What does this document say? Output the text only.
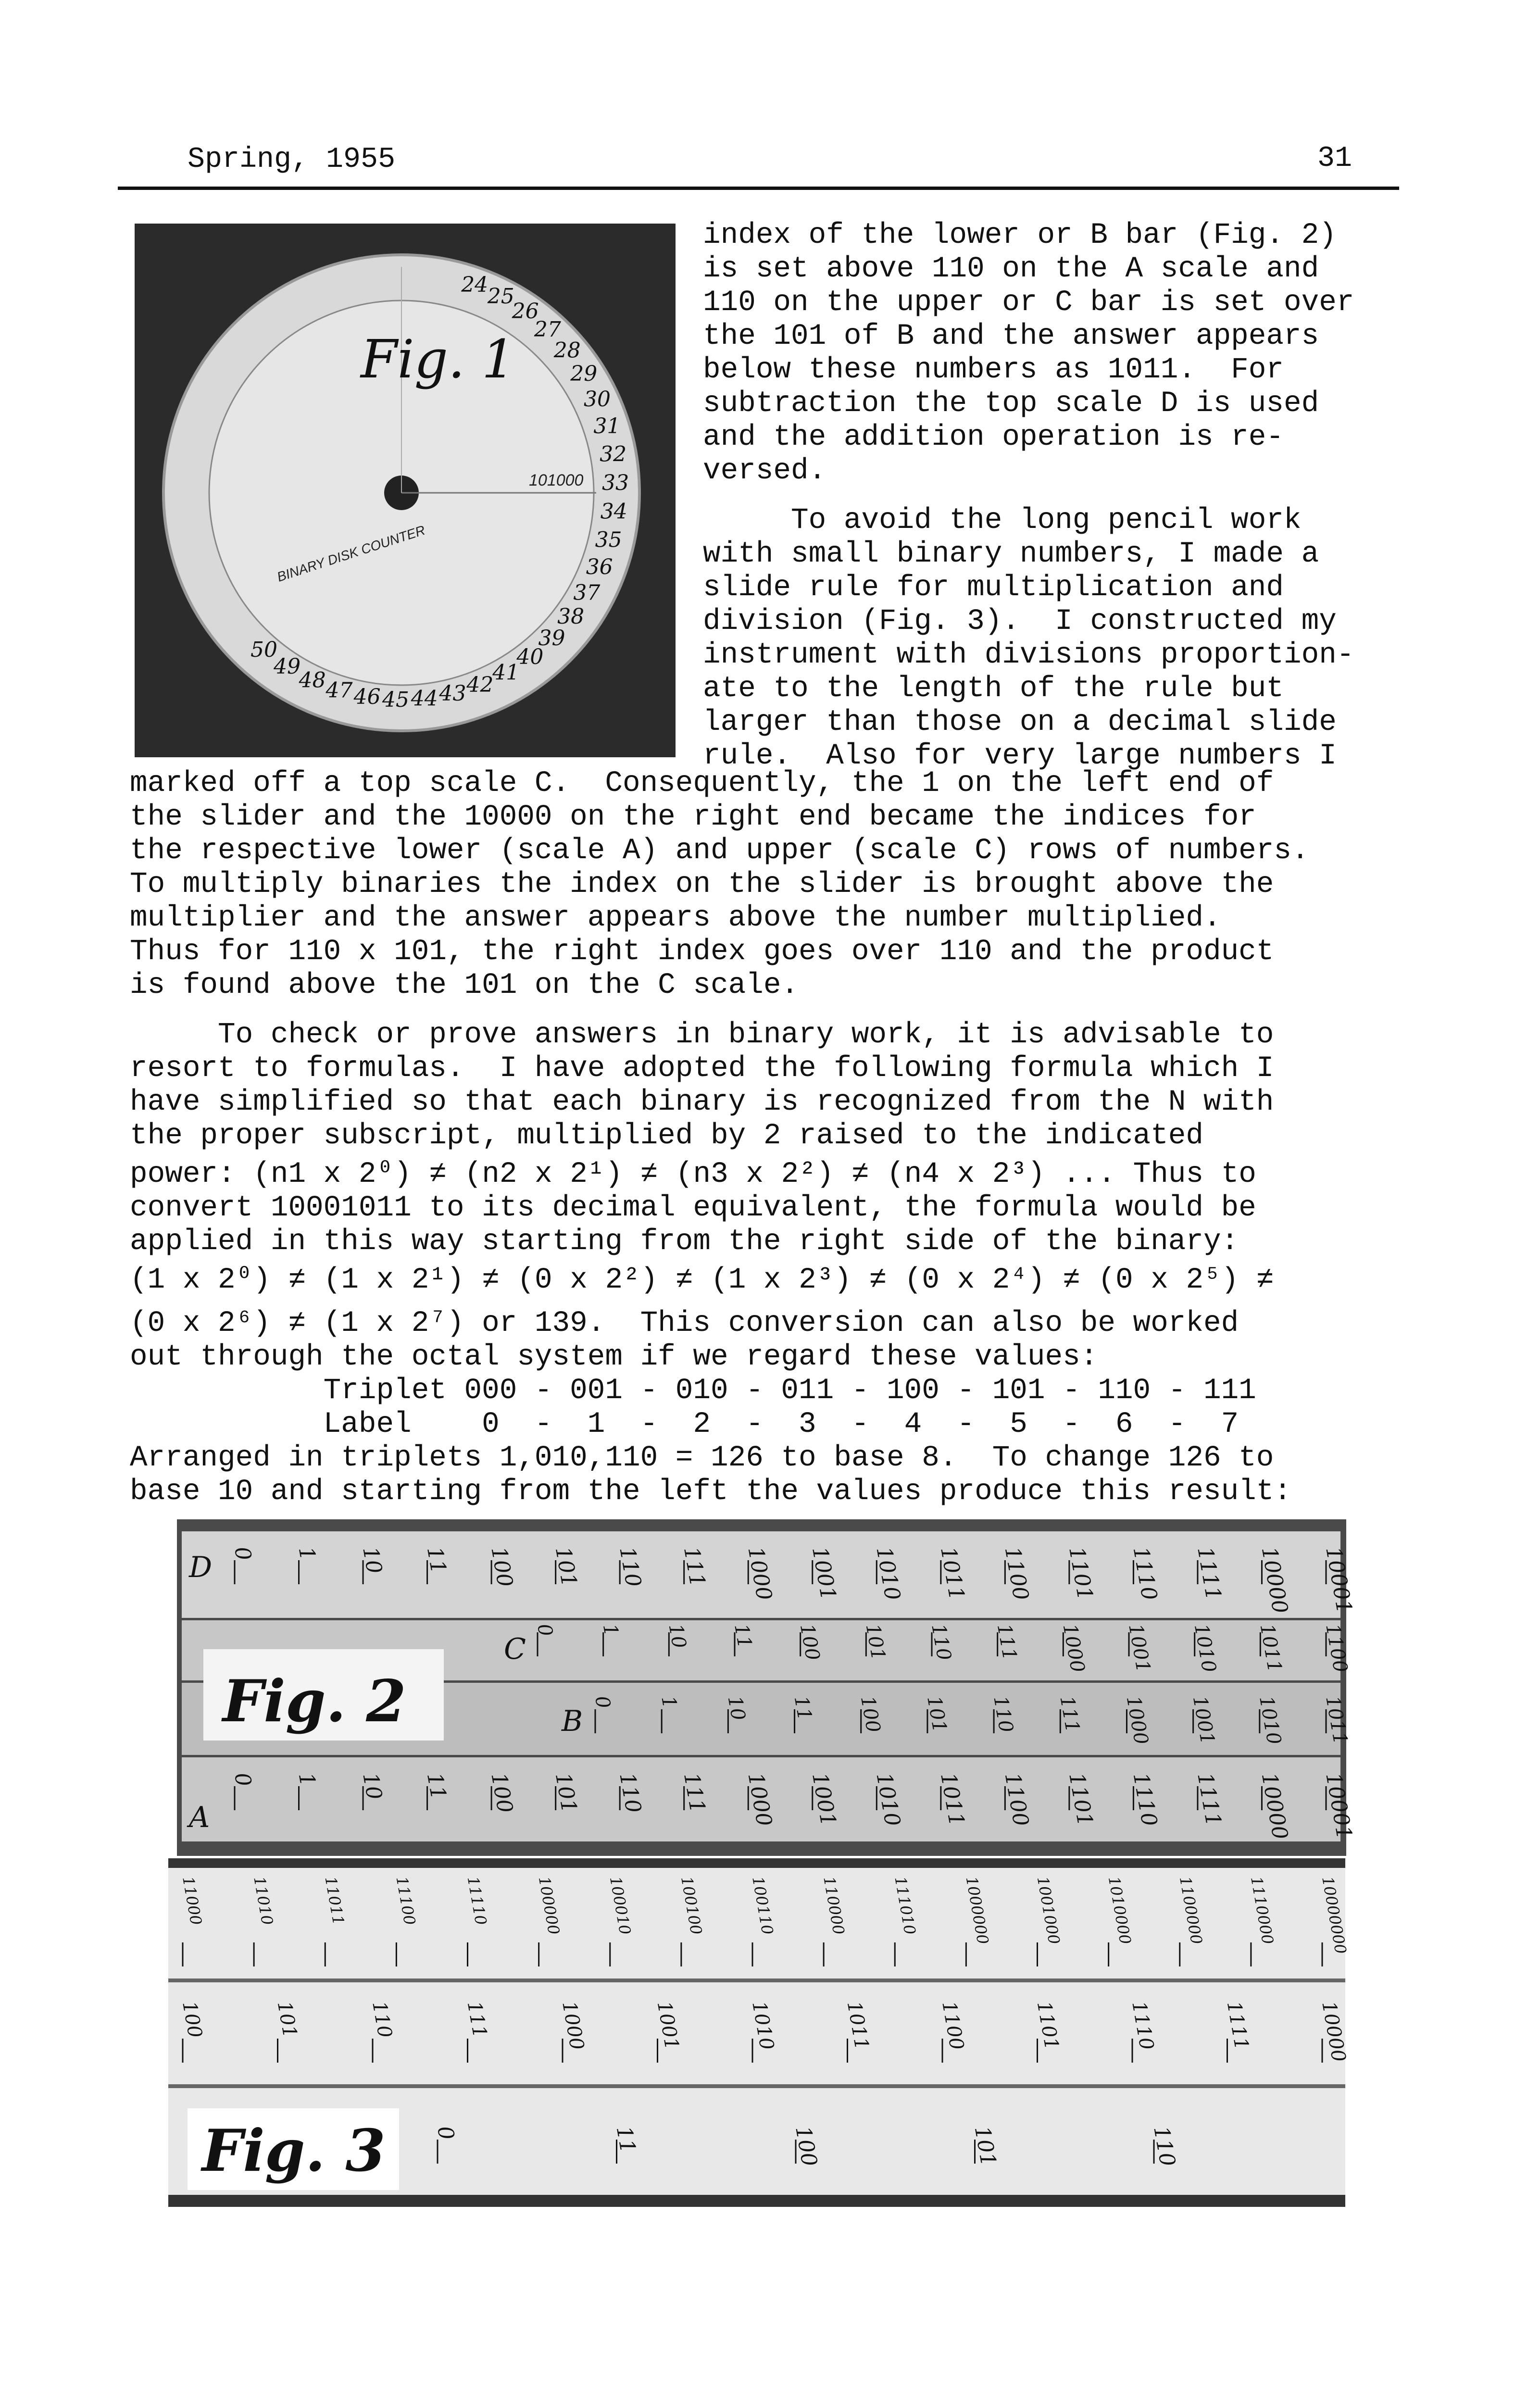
Spring, 1955	31
24
25
26
27
28
29
30
31
32
33
34
35
36
37
38
39
40
41
42
43
44
45
46
47
48
49
50
Fig. 1
BINARY DISK COUNTER
101000
index of the lower or B bar (Fig. 2)
is set above 110 on the A scale and
110 on the upper or C bar is set over
the 101 of B and the answer appears
below these numbers as 1011.  For
subtraction the top scale D is used
and the addition operation is re-
versed.
To avoid the long pencil work
with small binary numbers, I made a
slide rule for multiplication and
division (Fig. 3).  I constructed my
instrument with divisions proportion-
ate to the length of the rule but
larger than those on a decimal slide
rule.  Also for very large numbers I
marked off a top scale C.  Consequently, the 1 on the left end of
the slider and the 10000 on the right end became the indices for
the respective lower (scale A) and upper (scale C) rows of numbers.
To multiply binaries the index on the slider is brought above the
multiplier and the answer appears above the number multiplied.
Thus for 110 x 101, the right index goes over 110 and the product
is found above the 101 on the C scale.
To check or prove answers in binary work, it is advisable to
resort to formulas.  I have adopted the following formula which I
have simplified so that each binary is recognized from the N with
the proper subscript, multiplied by 2 raised to the indicated
power: (n1 x 2⁰) ≠ (n2 x 2¹) ≠ (n3 x 2²) ≠ (n4 x 2³) ... Thus to
convert 10001011 to its decimal equivalent, the formula would be
applied in this way starting from the right side of the binary:
(1 x 2⁰) ≠ (1 x 2¹) ≠ (0 x 2²) ≠ (1 x 2³) ≠ (0 x 2⁴) ≠ (0 x 2⁵) ≠
(0 x 2⁶) ≠ (1 x 2⁷) or 139.  This conversion can also be worked
out through the octal system if we regard these values:
Triplet 000 - 001 - 010 - 011 - 100 - 101 - 110 - 111
Label    0  -  1  -  2  -  3  -  4  -  5  -  6  -  7
Arranged in triplets 1,010,110 = 126 to base 8.  To change 126 to
base 10 and starting from the left the values produce this result:
Fig. 2
D
C
B
A
0 1 10 11 100 101 110 111 1000 1001 1010 1011 1100 1101 1110 1111 10000 10001
0 1 10 11 100 101 110 111 1000 1001 1010 1011 1100
0 1 10 11 100 101 110 111 1000 1001 1010 1011
0 1 10 11 100 101 110 111 1000 1001 1010 1011 1100 1101 1110 1111 10000 10001
Fig. 3
11000	11010	11011	11100	11110	100000	100010	100100	100110	110000	111010	1000000	1001000	1010000	1100000	1110000	10000000
100	101	110	111	1000	1001	1010	1011	1100	1101	1110	1111	10000
0	11	100	101	110
